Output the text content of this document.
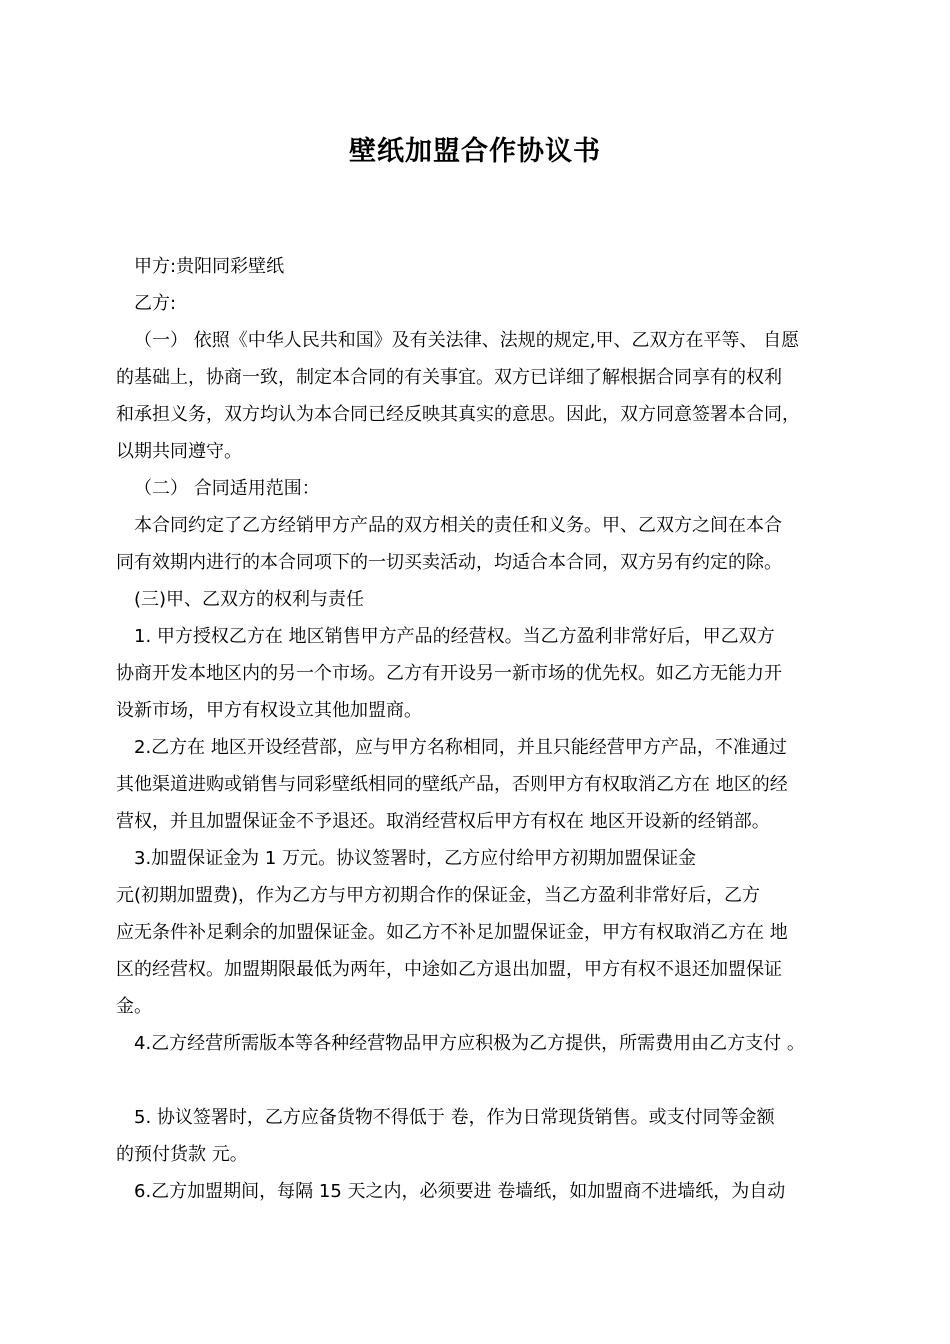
壁纸加盟合作协议书
甲方:贵阳同彩壁纸
乙方:
（一） 依照《中华人民共和国》及有关法律、法规的规定,甲、乙双方在平等、 自愿
的基础上，协商一致，制定本合同的有关事宜。双方已详细了解根据合同享有的权利
和承担义务，双方均认为本合同已经反映其真实的意思。因此，双方同意签署本合同，
以期共同遵守。
（二） 合同适用范围：
本合同约定了乙方经销甲方产品的双方相关的责任和义务。甲、乙双方之间在本合
同有效期内进行的本合同项下的一切买卖活动，均适合本合同，双方另有约定的除。
(三)甲、乙双方的权利与责任
1. 甲方授权乙方在 地区销售甲方产品的经营权。当乙方盈利非常好后，甲乙双方
协商开发本地区内的另一个市场。乙方有开设另一新市场的优先权。如乙方无能力开
设新市场，甲方有权设立其他加盟商。
2.乙方在 地区开设经营部，应与甲方名称相同，并且只能经营甲方产品，不准通过
其他渠道进购或销售与同彩壁纸相同的壁纸产品，否则甲方有权取消乙方在 地区的经
营权，并且加盟保证金不予退还。取消经营权后甲方有权在 地区开设新的经销部。
3.加盟保证金为 1 万元。协议签署时，乙方应付给甲方初期加盟保证金
元(初期加盟费)，作为乙方与甲方初期合作的保证金，当乙方盈利非常好后，乙方
应无条件补足剩余的加盟保证金。如乙方不补足加盟保证金，甲方有权取消乙方在 地
区的经营权。加盟期限最低为两年，中途如乙方退出加盟，甲方有权不退还加盟保证
金。
4.乙方经营所需版本等各种经营物品甲方应积极为乙方提供，所需费用由乙方支付 。
5. 协议签署时，乙方应备货物不得低于 卷，作为日常现货销售。或支付同等金额
的预付货款 元。
6.乙方加盟期间，每隔 15 天之内，必须要进 卷墙纸，如加盟商不进墙纸，为自动
